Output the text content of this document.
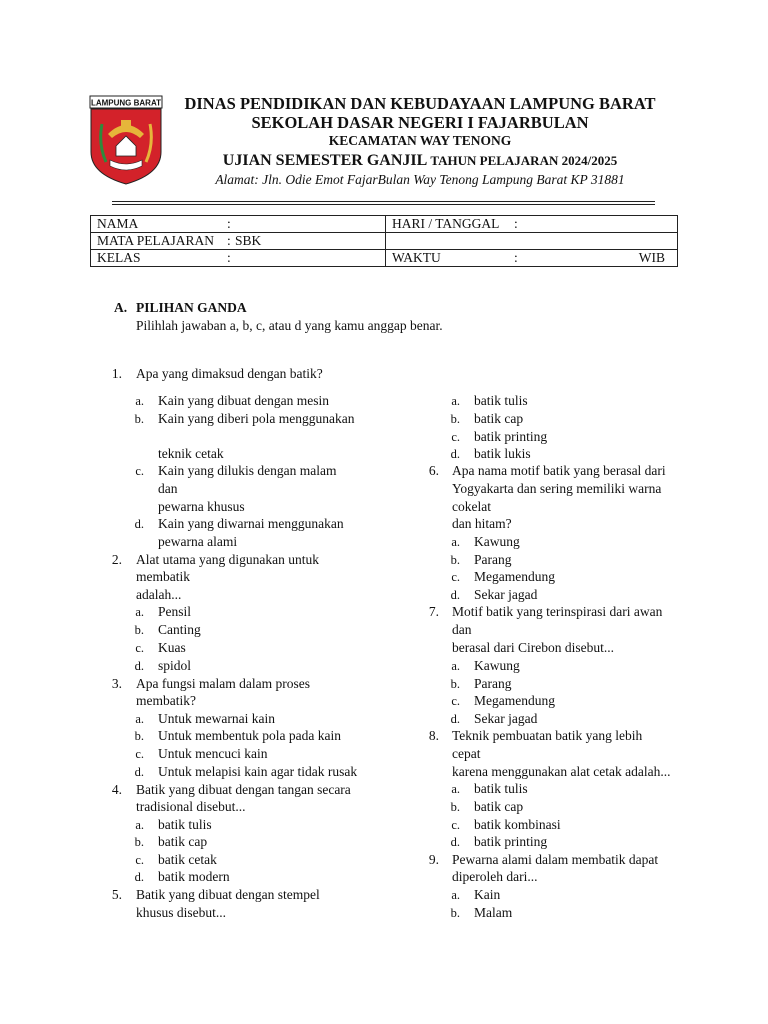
LAMPUNG BARAT	DINAS PENDIDIKAN DAN KEBUDAYAAN LAMPUNG BARAT
SEKOLAH DASAR NEGERI I FAJARBULAN
KECAMATAN WAY TENONG
UJIAN SEMESTER GANJIL TAHUN PELAJARAN 2024/2025
Alamat: Jln. Odie Emot FajarBulan Way Tenong Lampung Barat KP 31881
NAMA :	HARI / TANGGAL :

MATA PELAJARAN : SBK	

KELAS :	WAKTU : WIB
A. PILIHAN GANDA
Pilihlah jawaban a, b, c, atau d yang kamu anggap benar.
1. Apa yang dimaksud dengan batik?
a. Kain yang dibuat dengan mesin
b. Kain yang diberi pola menggunakan
teknik cetak
c. Kain yang dilukis dengan malam
dan
pewarna khusus
d. Kain yang diwarnai menggunakan
pewarna alami
2. Alat utama yang digunakan untuk
membatik
adalah...
a. Pensil
b. Canting
c. Kuas
d. spidol
3. Apa fungsi malam dalam proses
membatik?
a. Untuk mewarnai kain
b. Untuk membentuk pola pada kain
c. Untuk mencuci kain
d. Untuk melapisi kain agar tidak rusak
4. Batik yang dibuat dengan tangan secara
tradisional disebut...
a. batik tulis
b. batik cap
c. batik cetak
d. batik modern
5. Batik yang dibuat dengan stempel
khusus disebut...
a. batik tulis
b. batik cap
c. batik printing
d. batik lukis
6. Apa nama motif batik yang berasal dari
Yogyakarta dan sering memiliki warna
cokelat
dan hitam?
a. Kawung
b. Parang
c. Megamendung
d. Sekar jagad
7. Motif batik yang terinspirasi dari awan
dan
berasal dari Cirebon disebut...
a. Kawung
b. Parang
c. Megamendung
d. Sekar jagad
8. Teknik pembuatan batik yang lebih
cepat
karena menggunakan alat cetak adalah...
a. batik tulis
b. batik cap
c. batik kombinasi
d. batik printing
9. Pewarna alami dalam membatik dapat
diperoleh dari...
a. Kain
b. Malam
